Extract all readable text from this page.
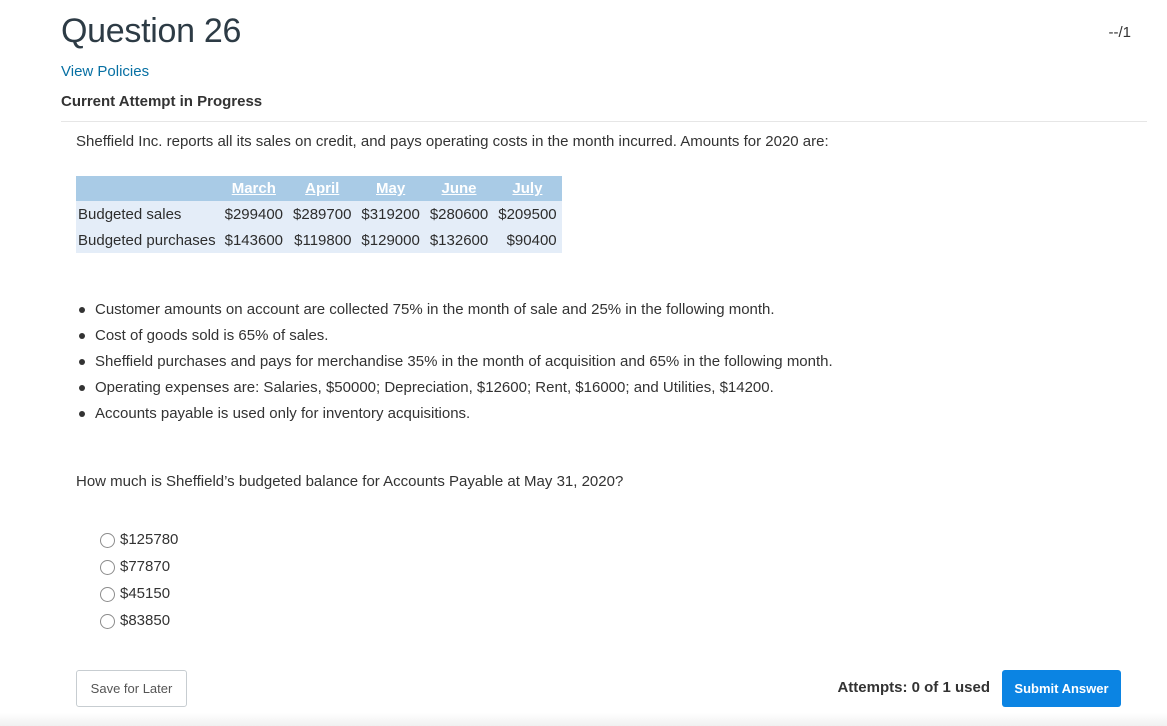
Question 26	--/1
View Policies
Current Attempt in Progress
Sheffield Inc. reports all its sales on credit, and pays operating costs in the month incurred. Amounts for 2020 are:
	March	April	May	June	July
Budgeted sales	$299400	$289700	$319200	$280600	$209500
Budgeted purchases	$143600	$119800	$129000	$132600	$90400
Customer amounts on account are collected 75% in the month of sale and 25% in the following month.
Cost of goods sold is 65% of sales.
Sheffield purchases and pays for merchandise 35% in the month of acquisition and 65% in the following month.
Operating expenses are: Salaries, $50000; Depreciation, $12600; Rent, $16000; and Utilities, $14200.
Accounts payable is used only for inventory acquisitions.
How much is Sheffield’s budgeted balance for Accounts Payable at May 31, 2020?
$125780
$77870
$45150
$83850
Save for Later	Attempts: 0 of 1 used	Submit Answer
